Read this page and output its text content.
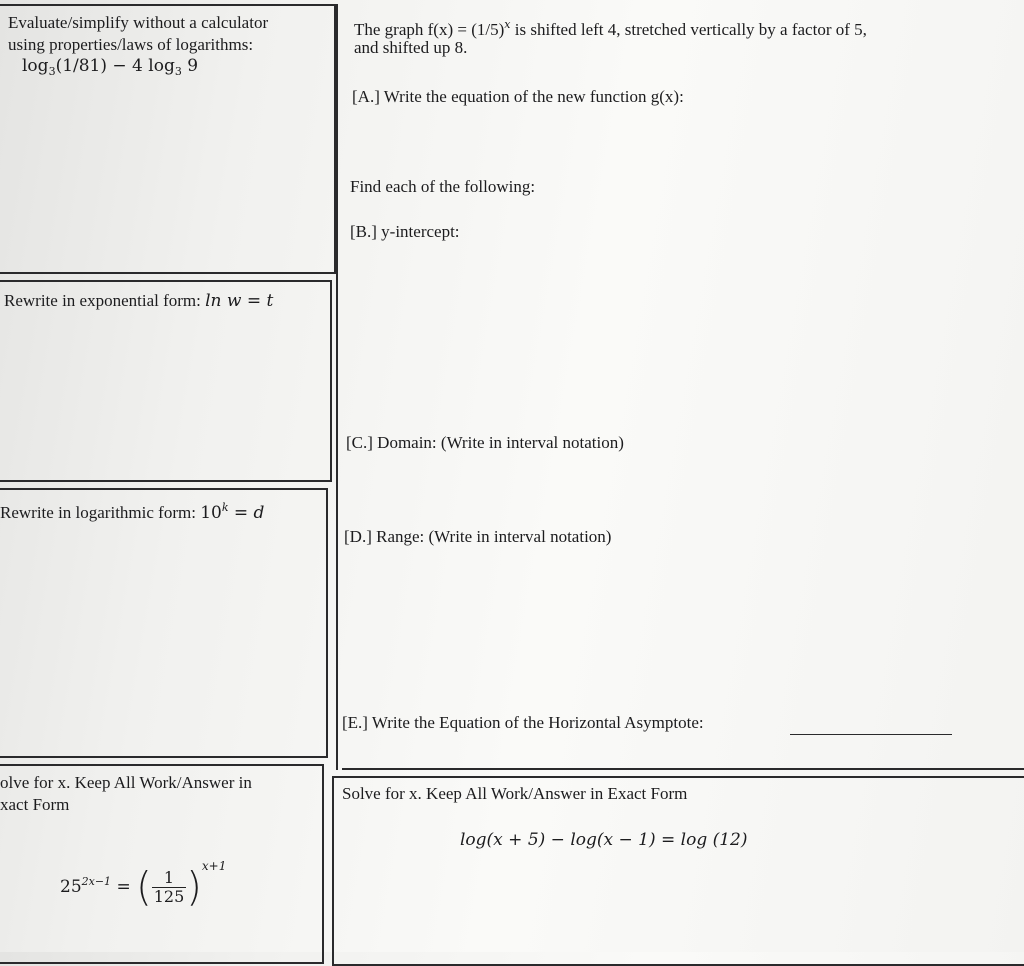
Evaluate/simplify without a calculator
using properties/laws of logarithms:
$\log_3(1/81) - 4$ $\log_3 9$
The graph $f(x) = (1/5)^x$ is shifted left 4, stretched vertically by a factor of 5,
and shifted up 8.
[A.] Write the equation of the new function g(x):
Find each of the following:
[B.] y-intercept:
[C.] Domain: (Write in interval notation)
[D.] Range: (Write in interval notation)
[E.] Write the Equation of the Horizontal Asymptote:
Rewrite in exponential form: ln w = t
Rewrite in logarithmic form: $10^k = d$
olve for x. Keep All Work/Answer in
xact Form
$25^{2x-1}$ = ( $\frac{1}{125} )^{x+1}$
Solve for x. Keep All Work/Answer in Exact Form
log(x + 5) − log(x − 1) = log (12)
